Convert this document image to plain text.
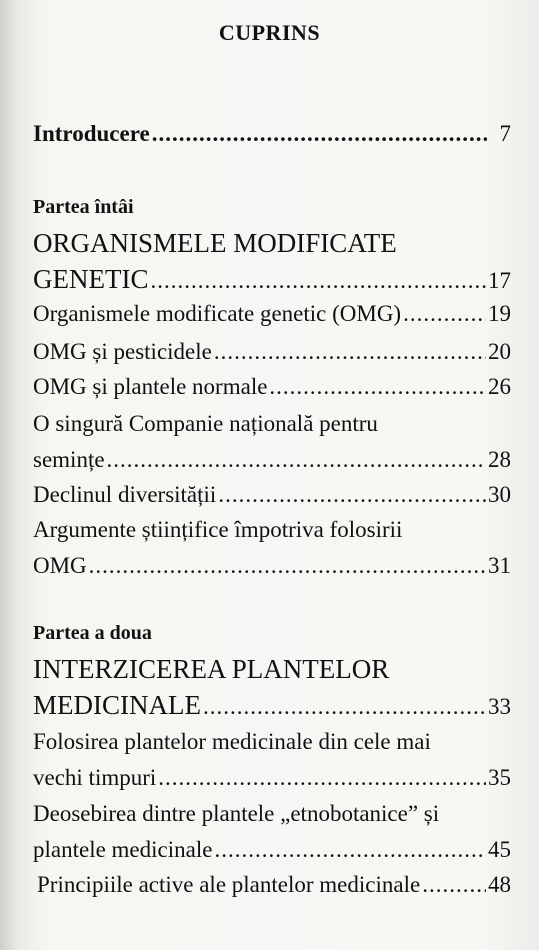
CUPRINS
Introducere .....	7
Partea întâi
ORGANISMELE MODIFICATE
GENETIC .....	17
Organismele modificate genetic (OMG) .....	19
OMG și pesticidele .....	20
OMG și plantele normale .....	26
O singură Companie națională pentru
semințe .....	28
Declinul diversității .....	30
Argumente științifice împotriva folosirii
OMG .....	31
Partea a doua
INTERZICEREA PLANTELOR
MEDICINALE .....	33
Folosirea plantelor medicinale din cele mai
vechi timpuri .....	35
Deosebirea dintre plantele „etnobotanice” și
plantele medicinale .....	45
Principiile active ale plantelor medicinale .....	48
